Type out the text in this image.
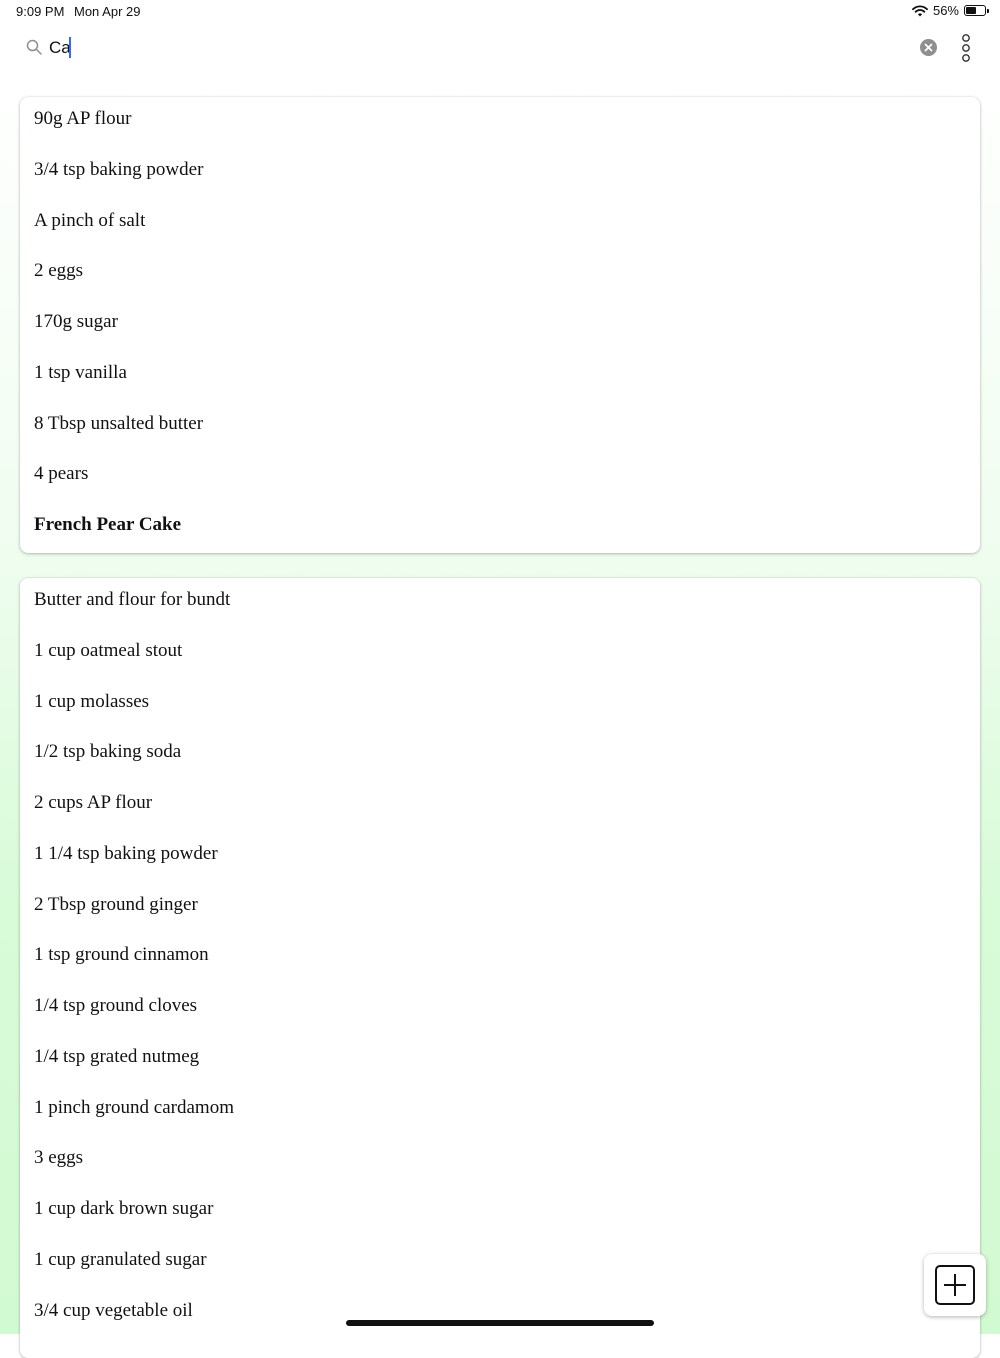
9:09 PM Mon Apr 29	56%
Ca
90g AP flour
3/4 tsp baking powder
A pinch of salt
2 eggs
170g sugar
1 tsp vanilla
8 Tbsp unsalted butter
4 pears
French Pear Cake
Butter and flour for bundt
1 cup oatmeal stout
1 cup molasses
1/2 tsp baking soda
2 cups AP flour
1 1/4 tsp baking powder
2 Tbsp ground ginger
1 tsp ground cinnamon
1/4 tsp ground cloves
1/4 tsp grated nutmeg
1 pinch ground cardamom
3 eggs
1 cup dark brown sugar
1 cup granulated sugar
3/4 cup vegetable oil
